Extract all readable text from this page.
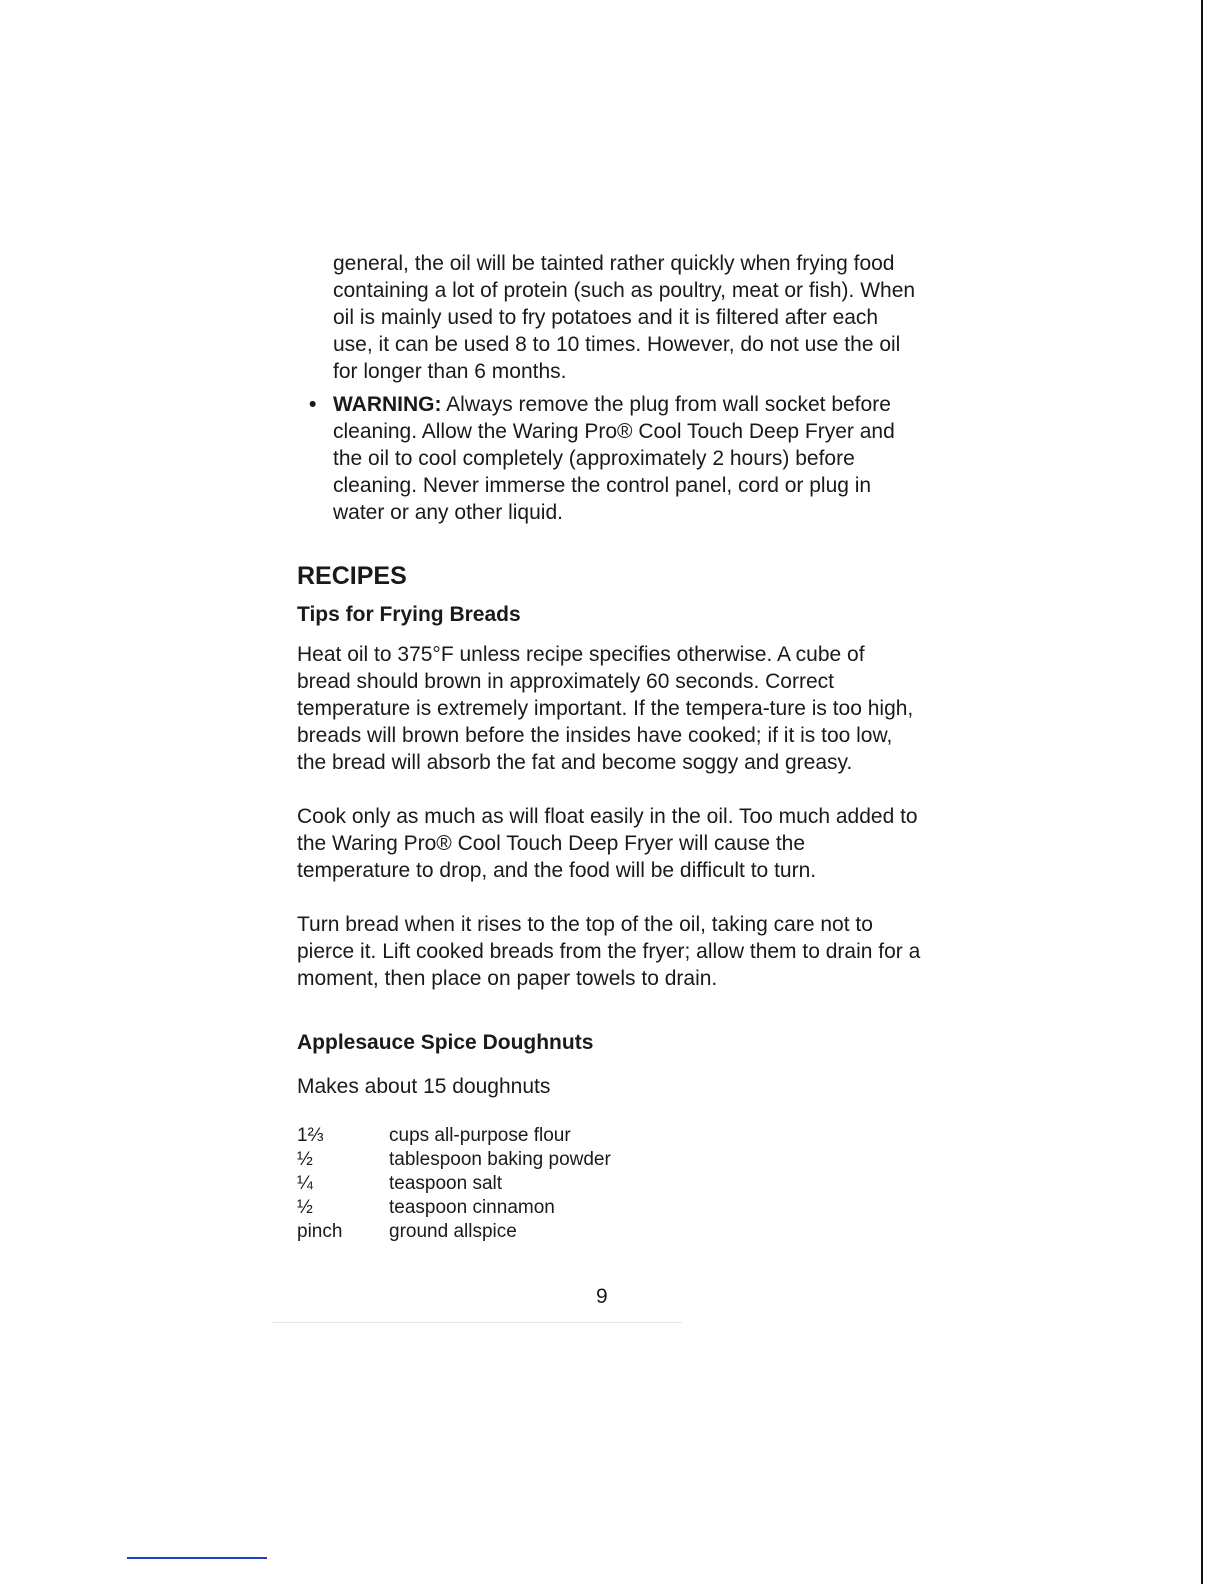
general, the oil will be tainted rather quickly when frying food containing a lot of protein (such as poultry, meat or fish). When oil is mainly used to fry potatoes and it is filtered after each use, it can be used 8 to 10 times. However, do not use the oil for longer than 6 months.

• WARNING: Always remove the plug from wall socket before cleaning. Allow the Waring Pro® Cool Touch Deep Fryer and the oil to cool completely (approximately 2 hours) before cleaning. Never immerse the control panel, cord or plug in water or any other liquid.

RECIPES
Tips for Frying Breads

Heat oil to 375°F unless recipe specifies otherwise. A cube of bread should brown in approximately 60 seconds. Correct temperature is extremely important. If the tempera-ture is too high, breads will brown before the insides have cooked; if it is too low, the bread will absorb the fat and become soggy and greasy.

Cook only as much as will float easily in the oil. Too much added to the Waring Pro® Cool Touch Deep Fryer will cause the temperature to drop, and the food will be difficult to turn.

Turn bread when it rises to the top of the oil, taking care not to pierce it. Lift cooked breads from the fryer; allow them to drain for a moment, then place on paper towels to drain.

Applesauce Spice Doughnuts

Makes about 15 doughnuts

1⅔	cups all-purpose flour
½	tablespoon baking powder
¼	teaspoon salt
½	teaspoon cinnamon
pinch	ground allspice
9
